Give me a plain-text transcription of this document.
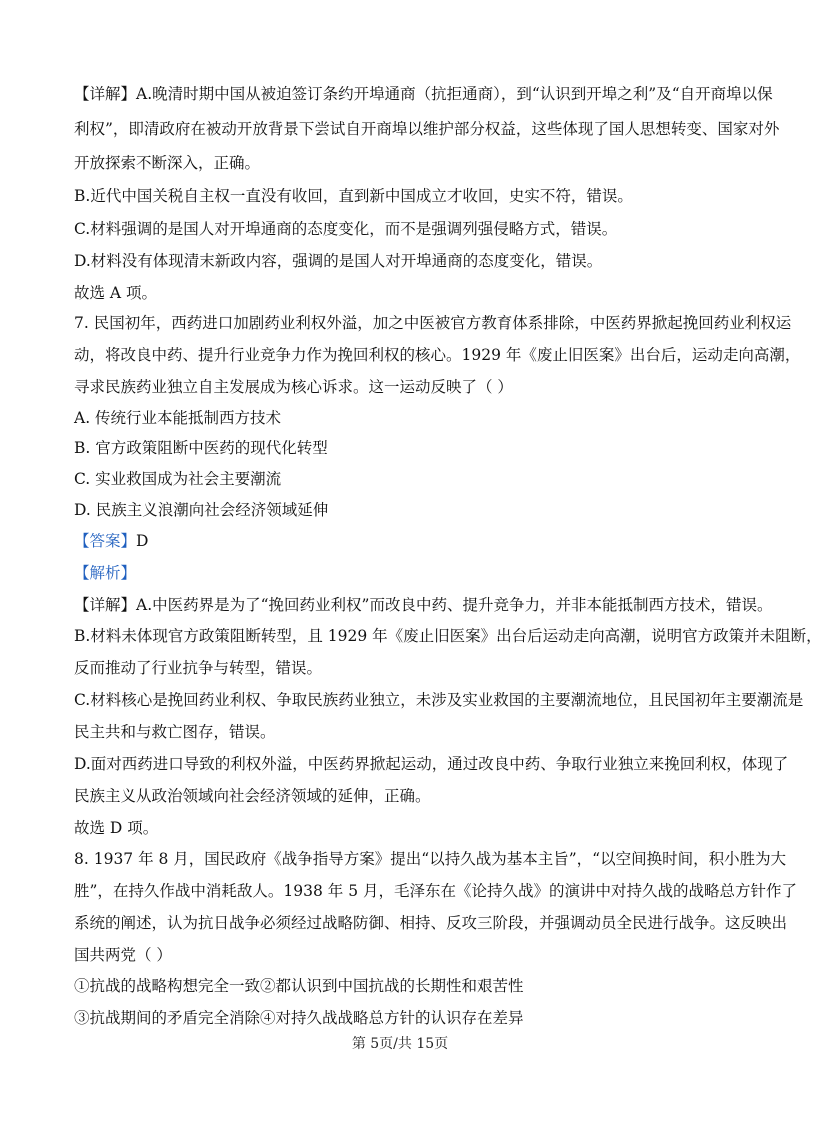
【详解】A.晚清时期中国从被迫签订条约开埠通商（抗拒通商），到“认识到开埠之利”及“自开商埠以保
利权”，即清政府在被动开放背景下尝试自开商埠以维护部分权益，这些体现了国人思想转变、国家对外
开放探索不断深入，正确。
B.近代中国关税自主权一直没有收回，直到新中国成立才收回，史实不符，错误。
C.材料强调的是国人对开埠通商的态度变化，而不是强调列强侵略方式，错误。
D.材料没有体现清末新政内容，强调的是国人对开埠通商的态度变化，错误。
故选 A 项。
7. 民国初年，西药进口加剧药业利权外溢，加之中医被官方教育体系排除，中医药界掀起挽回药业利权运
动，将改良中药、提升行业竞争力作为挽回利权的核心。1929 年《废止旧医案》出台后，运动走向高潮，
寻求民族药业独立自主发展成为核心诉求。这一运动反映了（ ）
A. 传统行业本能抵制西方技术
B. 官方政策阻断中医药的现代化转型
C. 实业救国成为社会主要潮流
D. 民族主义浪潮向社会经济领域延伸
【答案】D
【解析】
【详解】A.中医药界是为了“挽回药业利权”而改良中药、提升竞争力，并非本能抵制西方技术，错误。
B.材料未体现官方政策阻断转型，且 1929 年《废止旧医案》出台后运动走向高潮，说明官方政策并未阻断，
反而推动了行业抗争与转型，错误。
C.材料核心是挽回药业利权、争取民族药业独立，未涉及实业救国的主要潮流地位，且民国初年主要潮流是
民主共和与救亡图存，错误。
D.面对西药进口导致的利权外溢，中医药界掀起运动，通过改良中药、争取行业独立来挽回利权，体现了
民族主义从政治领域向社会经济领域的延伸，正确。
故选 D 项。
8. 1937 年 8 月，国民政府《战争指导方案》提出“以持久战为基本主旨”，“以空间换时间，积小胜为大
胜”，在持久作战中消耗敌人。1938 年 5 月，毛泽东在《论持久战》的演讲中对持久战的战略总方针作了
系统的阐述，认为抗日战争必须经过战略防御、相持、反攻三阶段，并强调动员全民进行战争。这反映出
国共两党（ ）
①抗战的战略构想完全一致②都认识到中国抗战的长期性和艰苦性
③抗战期间的矛盾完全消除④对持久战战略总方针的认识存在差异
第 5页/共 15页
